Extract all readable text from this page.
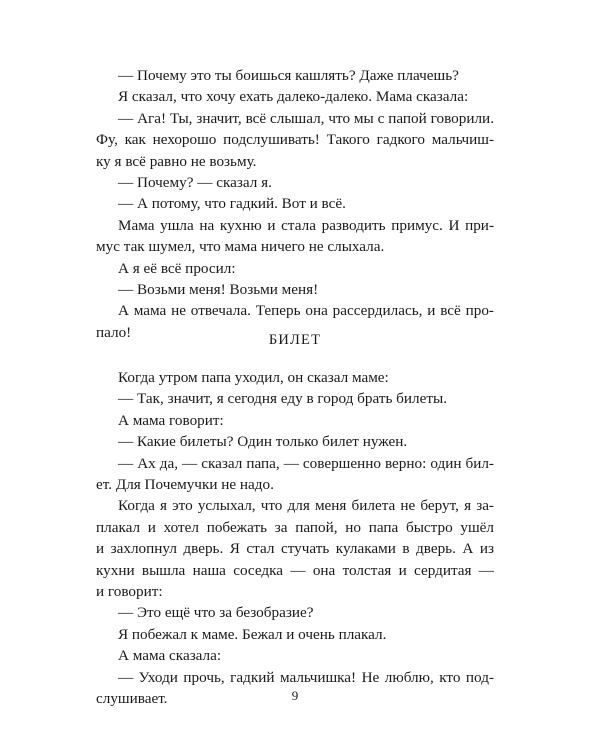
— Почему это ты боишься кашлять? Даже плачешь?
Я сказал, что хочу ехать далеко-далеко. Мама сказала:
— Ага! Ты, значит, всё слышал, что мы с папой говорили.
Фу, как нехорошо подслушивать! Такого гадкого мальчиш-
ку я всё равно не возьму.
— Почему? — сказал я.
— А потому, что гадкий. Вот и всё.
Мама ушла на кухню и стала разводить примус. И при-
мус так шумел, что мама ничего не слыхала.
А я её всё просил:
— Возьми меня! Возьми меня!
А мама не отвечала. Теперь она рассердилась, и всё про-
пало!	БИЛЕТ
Когда утром папа уходил, он сказал маме:
— Так, значит, я сегодня еду в город брать билеты.
А мама говорит:
— Какие билеты? Один только билет нужен.
— Ах да, — сказал папа, — совершенно верно: один бил-
ет. Для Почемучки не надо.
Когда я это услыхал, что для меня билета не берут, я за-
плакал и хотел побежать за папой, но папа быстро ушёл
и захлопнул дверь. Я стал стучать кулаками в дверь. А из
кухни вышла наша соседка — она толстая и сердитая —
и говорит:
— Это ещё что за безобразие?
Я побежал к маме. Бежал и очень плакал.
А мама сказала:
— Уходи прочь, гадкий мальчишка! Не люблю, кто под-
слушивает.	9
